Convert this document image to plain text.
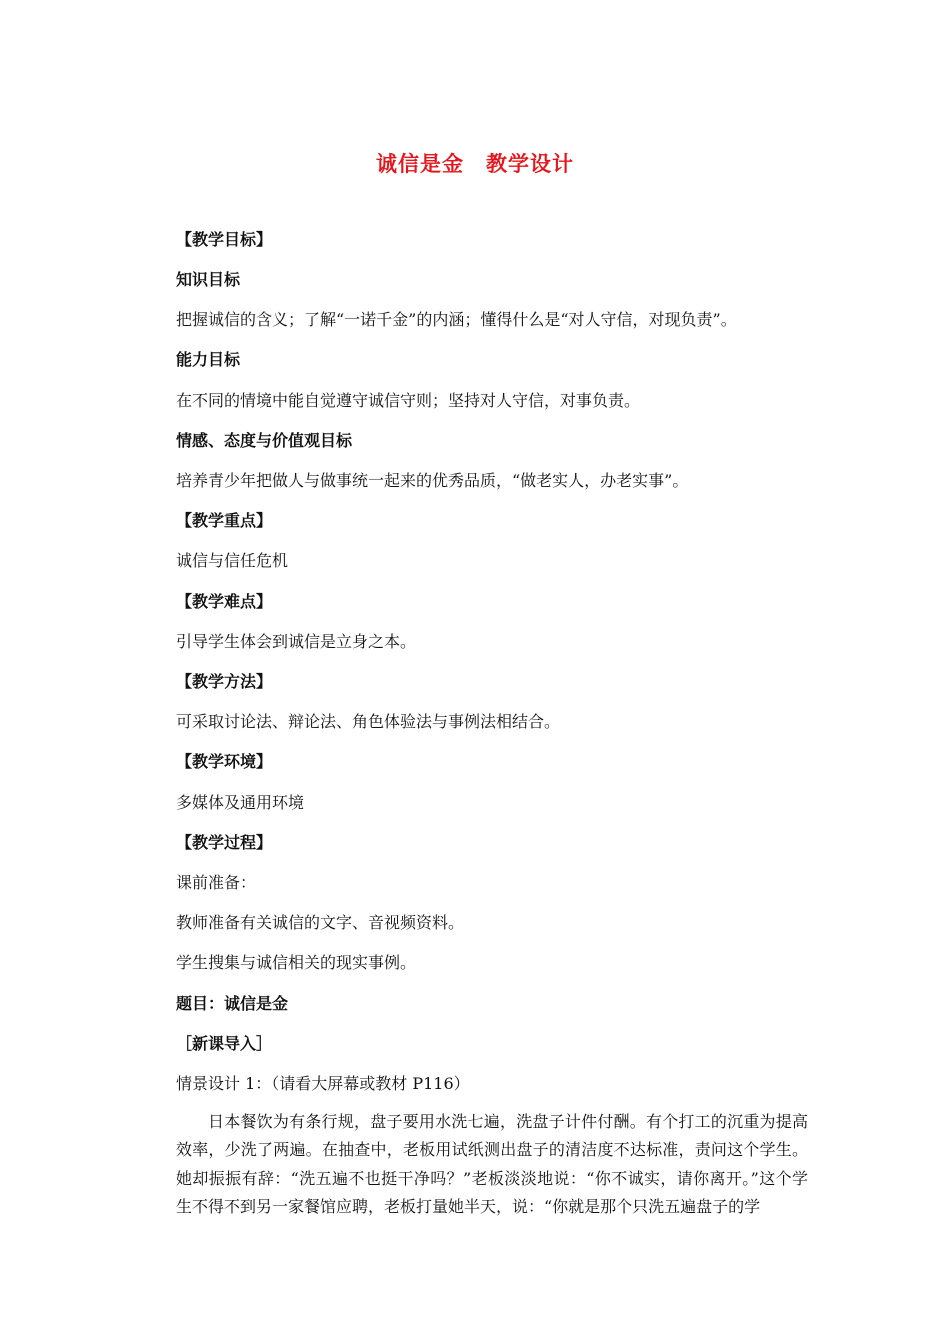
诚信是金　教学设计
【教学目标】
知识目标
把握诚信的含义；了解“一诺千金”的内涵；懂得什么是“对人守信，对现负责”。
能力目标
在不同的情境中能自觉遵守诚信守则；坚持对人守信，对事负责。
情感、态度与价值观目标
培养青少年把做人与做事统一起来的优秀品质，“做老实人，办老实事”。
【教学重点】
诚信与信任危机
【教学难点】
引导学生体会到诚信是立身之本。
【教学方法】
可采取讨论法、辩论法、角色体验法与事例法相结合。
【教学环境】
多媒体及通用环境
【教学过程】
课前准备：
教师准备有关诚信的文字、音视频资料。
学生搜集与诚信相关的现实事例。
题目：诚信是金
［新课导入］
情景设计 1：（请看大屏幕或教材 P116）
日本餐饮为有条行规，盘子要用水洗七遍，洗盘子计件付酬。有个打工的沉重为提高效率，少洗了两遍。在抽查中，老板用试纸测出盘子的清洁度不达标准，责问这个学生。她却振振有辞：“洗五遍不也挺干净吗？”老板淡淡地说：“你不诚实，请你离开。”这个学生不得不到另一家餐馆应聘，老板打量她半天，说：“你就是那个只洗五遍盘子的学
